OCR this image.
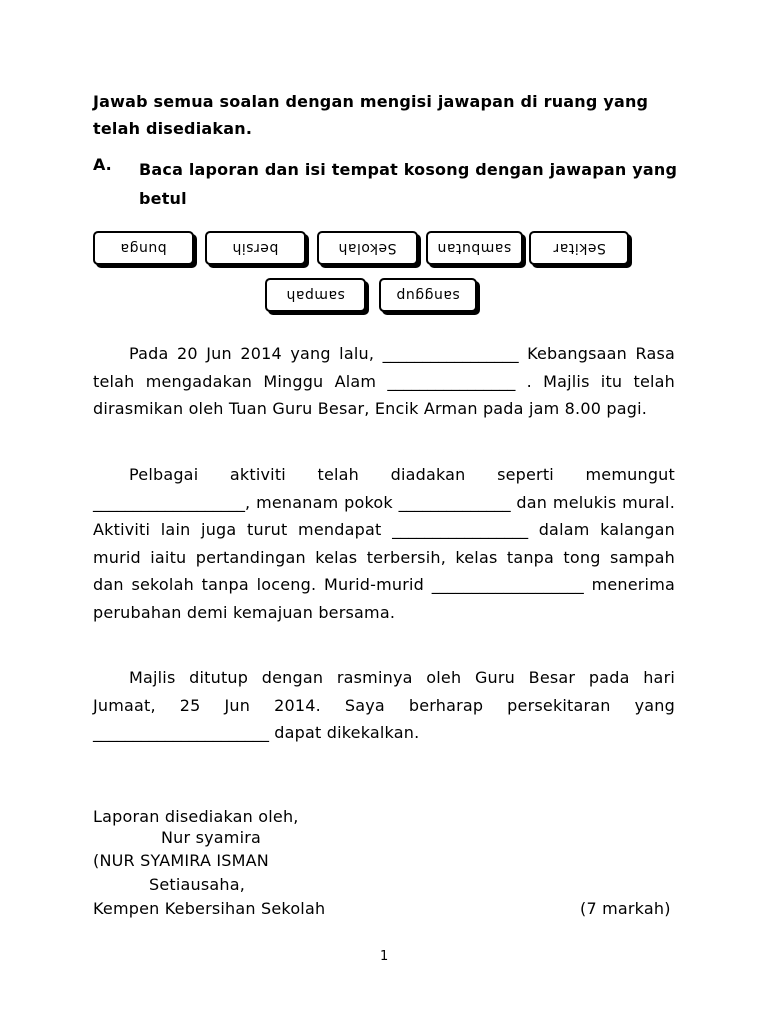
Jawab semua soalan dengan mengisi jawapan di ruang yang telah disediakan.
A. Baca laporan dan isi tempat kosong dengan jawapan yang betul
bunga	bersih	Sekolah	sambutan	Sekitar
sampah	sanggup
Pada 20 Jun 2014 yang lalu, _________________ Kebangsaan Rasa telah mengadakan Minggu Alam ________________ . Majlis itu telah dirasmikan oleh Tuan Guru Besar, Encik Arman pada jam 8.00 pagi.
Pelbagai aktiviti telah diadakan seperti memungut ___________________, menanam pokok ______________ dan melukis mural. Aktiviti lain juga turut mendapat _________________ dalam kalangan murid iaitu pertandingan kelas terbersih, kelas tanpa tong sampah dan sekolah tanpa loceng. Murid-murid ___________________ menerima perubahan demi kemajuan bersama.
Majlis ditutup dengan rasminya oleh Guru Besar pada hari Jumaat, 25 Jun 2014. Saya berharap persekitaran yang ______________________ dapat dikekalkan.
Laporan disediakan oleh,
Nur syamira
(NUR SYAMIRA ISMAN
Setiausaha,
Kempen Kebersihan Sekolah	(7 markah)
1
